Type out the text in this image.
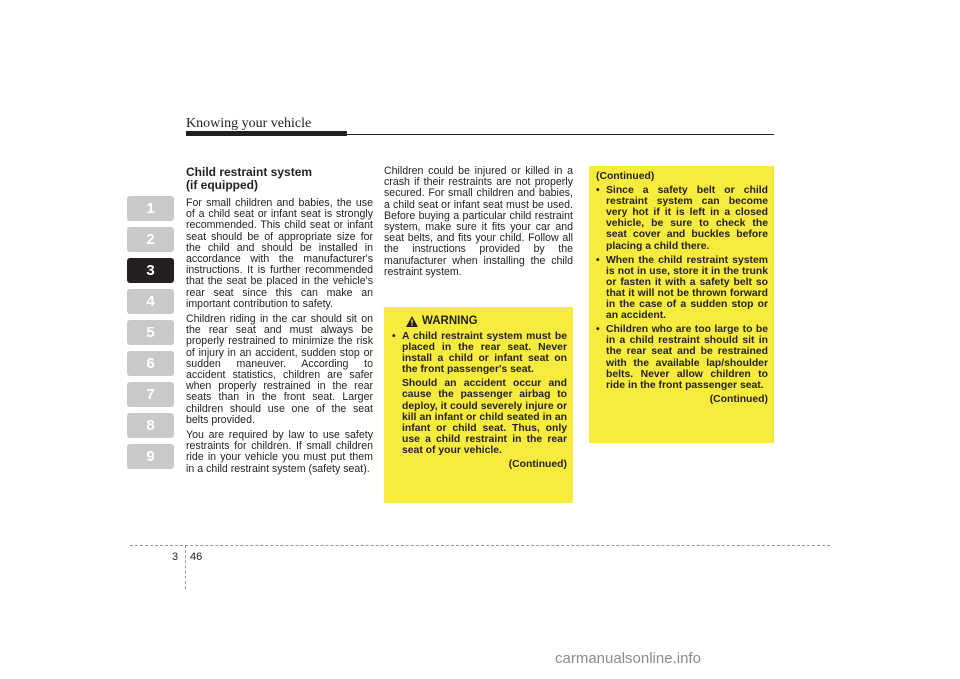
Knowing your vehicle
1
2
3
4
5
6
7
8
9
Child restraint system
(if equipped)

For small children and babies, the use of a child seat or infant seat is strongly recommended. This child seat or infant seat should be of appropriate size for the child and should be installed in accordance with the manufacturer's instructions. It is further recommended that the seat be placed in the vehicle's rear seat since this can make an important contribution to safety.

Children riding in the car should sit on the rear seat and must always be properly restrained to minimize the risk of injury in an accident, sudden stop or sudden maneuver. According to accident statistics, children are safer when properly restrained in the rear seats than in the front seat. Larger children should use one of the seat belts provided.

You are required by law to use safety restraints for children. If small children ride in your vehicle you must put them in a child restraint system (safety seat).

Children could be injured or killed in a crash if their restraints are not properly secured. For small children and babies, a child seat or infant seat must be used. Before buying a particular child restraint system, make sure it fits your car and seat belts, and fits your child. Follow all the instructions provided by the manufacturer when installing the child restraint system.

WARNING
• A child restraint system must be placed in the rear seat. Never install a child or infant seat on the front passenger's seat.
Should an accident occur and cause the passenger airbag to deploy, it could severely injure or kill an infant or child seated in an infant or child seat. Thus, only use a child restraint in the rear seat of your vehicle.
(Continued)
(Continued)
• Since a safety belt or child restraint system can become very hot if it is left in a closed vehicle, be sure to check the seat cover and buckles before placing a child there.
• When the child restraint system is not in use, store it in the trunk or fasten it with a safety belt so that it will not be thrown forward in the case of a sudden stop or an accident.
• Children who are too large to be in a child restraint should sit in the rear seat and be restrained with the available lap/shoulder belts. Never allow children to ride in the front passenger seat.
(Continued)
3 46
carmanualsonline.info
